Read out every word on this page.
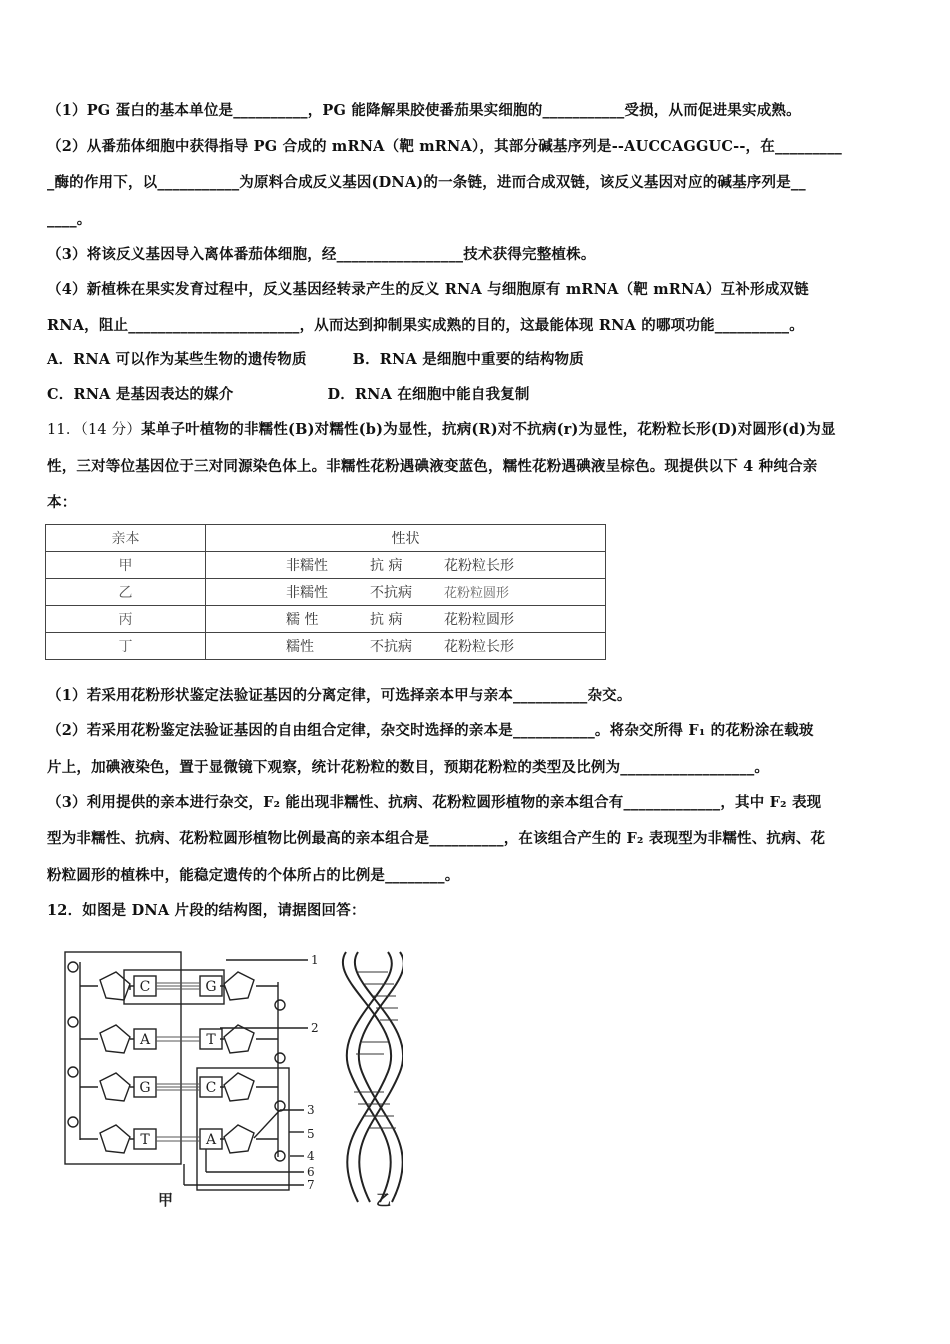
（1）PG 蛋白的基本单位是__________，PG 能降解果胶使番茄果实细胞的___________受损，从而促进果实成熟。
（2）从番茄体细胞中获得指导 PG 合成的 mRNA（靶 mRNA），其部分碱基序列是--AUCCAGGUC--，在_________
_酶的作用下，以___________为原料合成反义基因(DNA)的一条链，进而合成双链，该反义基因对应的碱基序列是__
____。
（3）将该反义基因导入离体番茄体细胞，经_________________技术获得完整植株。
（4）新植株在果实发育过程中，反义基因经转录产生的反义 RNA 与细胞原有 mRNA（靶 mRNA）互补形成双链
RNA，阻止_______________________，从而达到抑制果实成熟的目的，这最能体现 RNA 的哪项功能__________。
A．RNA 可以作为某些生物的遗传物质	B．RNA 是细胞中重要的结构物质
C．RNA 是基因表达的媒介	D．RNA 在细胞中能自我复制
11．（14 分）某单子叶植物的非糯性(B)对糯性(b)为显性，抗病(R)对不抗病(r)为显性，花粉粒长形(D)对圆形(d)为显
性，三对等位基因位于三对同源染色体上。非糯性花粉遇碘液变蓝色，糯性花粉遇碘液呈棕色。现提供以下 4 种纯合亲
本：
亲本	性状
甲	非糯性 抗 病 花粉粒长形
乙	非糯性 不抗病 花粉粒圆形
丙	糯 性 抗 病 花粉粒圆形
丁	糯性 不抗病 花粉粒长形
（1）若采用花粉形状鉴定法验证基因的分离定律，可选择亲本甲与亲本__________杂交。
（2）若采用花粉鉴定法验证基因的自由组合定律，杂交时选择的亲本是___________。将杂交所得 F₁ 的花粉涂在载玻
片上，加碘液染色，置于显微镜下观察，统计花粉粒的数目，预期花粉粒的类型及比例为__________________。
（3）利用提供的亲本进行杂交，F₂ 能出现非糯性、抗病、花粉粒圆形植物的亲本组合有_____________，其中 F₂ 表现
型为非糯性、抗病、花粉粒圆形植物比例最高的亲本组合是__________，在该组合产生的 F₂ 表现型为非糯性、抗病、花
粉粒圆形的植株中，能稳定遗传的个体所占的比例是________。
12．如图是 DNA 片段的结构图，请据图回答：
C
A
G
T
G
T
C
A
1
2
3
4
5
6
7
甲	乙
